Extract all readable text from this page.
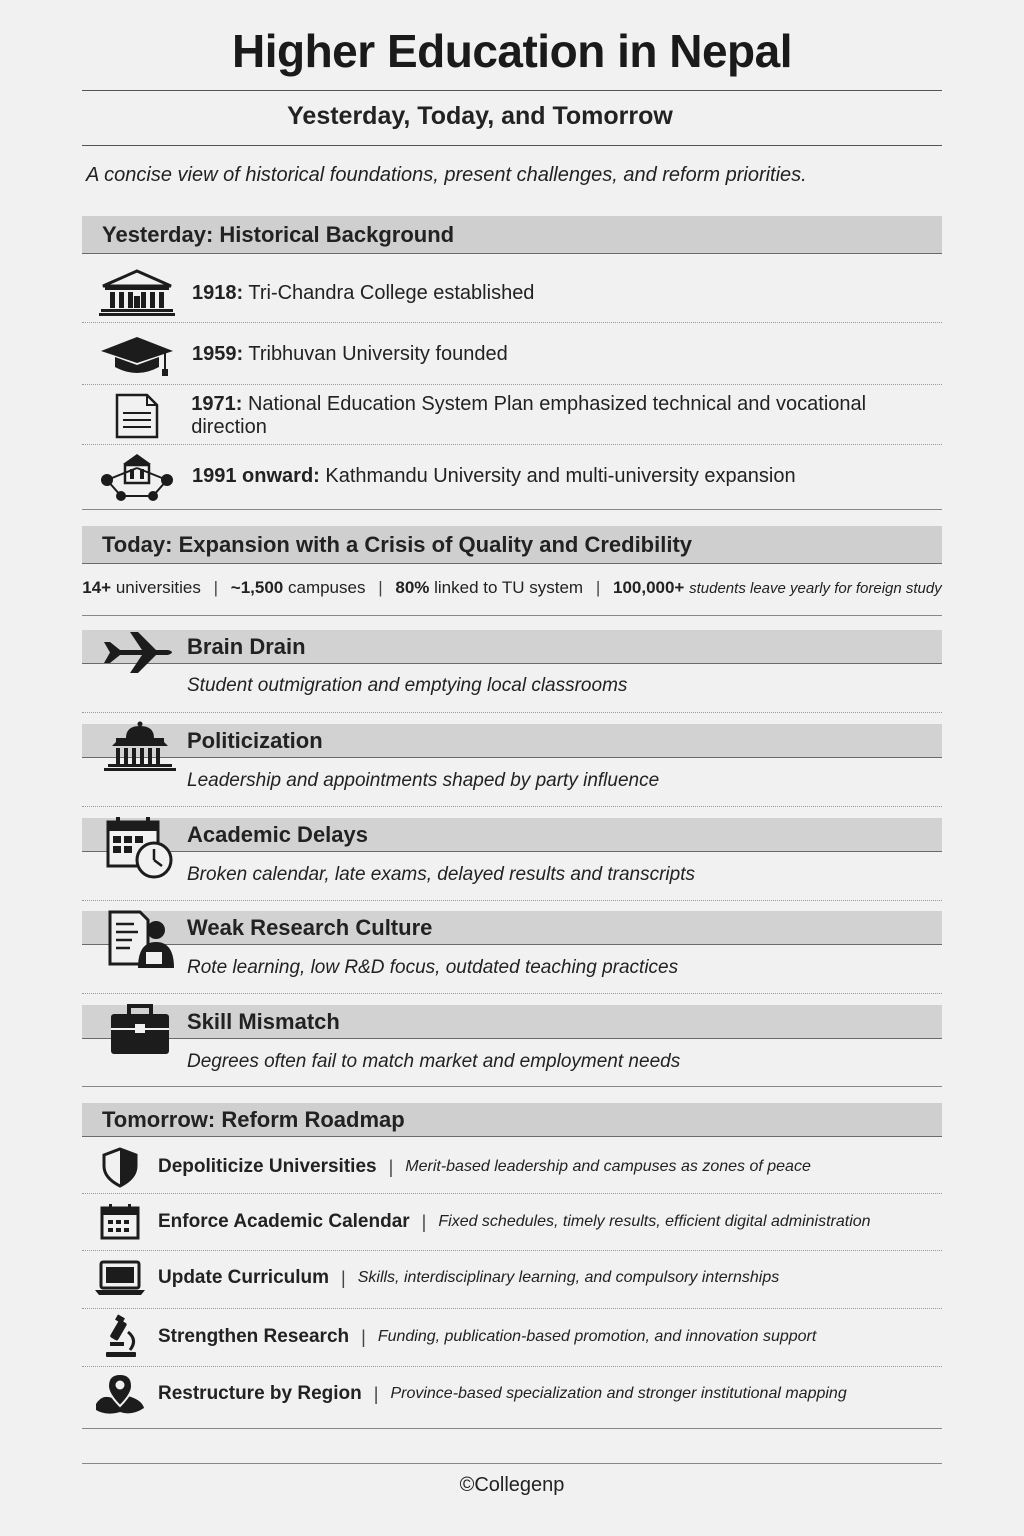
Higher Education in Nepal
Yesterday, Today, and Tomorrow
A concise view of historical foundations, present challenges, and reform priorities.
Yesterday: Historical Background
1918: Tri-Chandra College established
1959: Tribhuvan University founded
1971: National Education System Plan emphasized technical and vocational direction
1991 onward: Kathmandu University and multi-university expansion
Today: Expansion with a Crisis of Quality and Credibility
14+ universities | ~1,500 campuses | 80% linked to TU system | 100,000+ students leave yearly for foreign study
Brain Drain
Student outmigration and emptying local classrooms
Politicization
Leadership and appointments shaped by party influence
Academic Delays
Broken calendar, late exams, delayed results and transcripts
Weak Research Culture
Rote learning, low R&D focus, outdated teaching practices
Skill Mismatch
Degrees often fail to match market and employment needs
Tomorrow: Reform Roadmap
Depoliticize Universities | Merit-based leadership and campuses as zones of peace
Enforce Academic Calendar | Fixed schedules, timely results, efficient digital administration
Update Curriculum | Skills, interdisciplinary learning, and compulsory internships
Strengthen Research | Funding, publication-based promotion, and innovation support
Restructure by Region | Province-based specialization and stronger institutional mapping
©Collegenp
